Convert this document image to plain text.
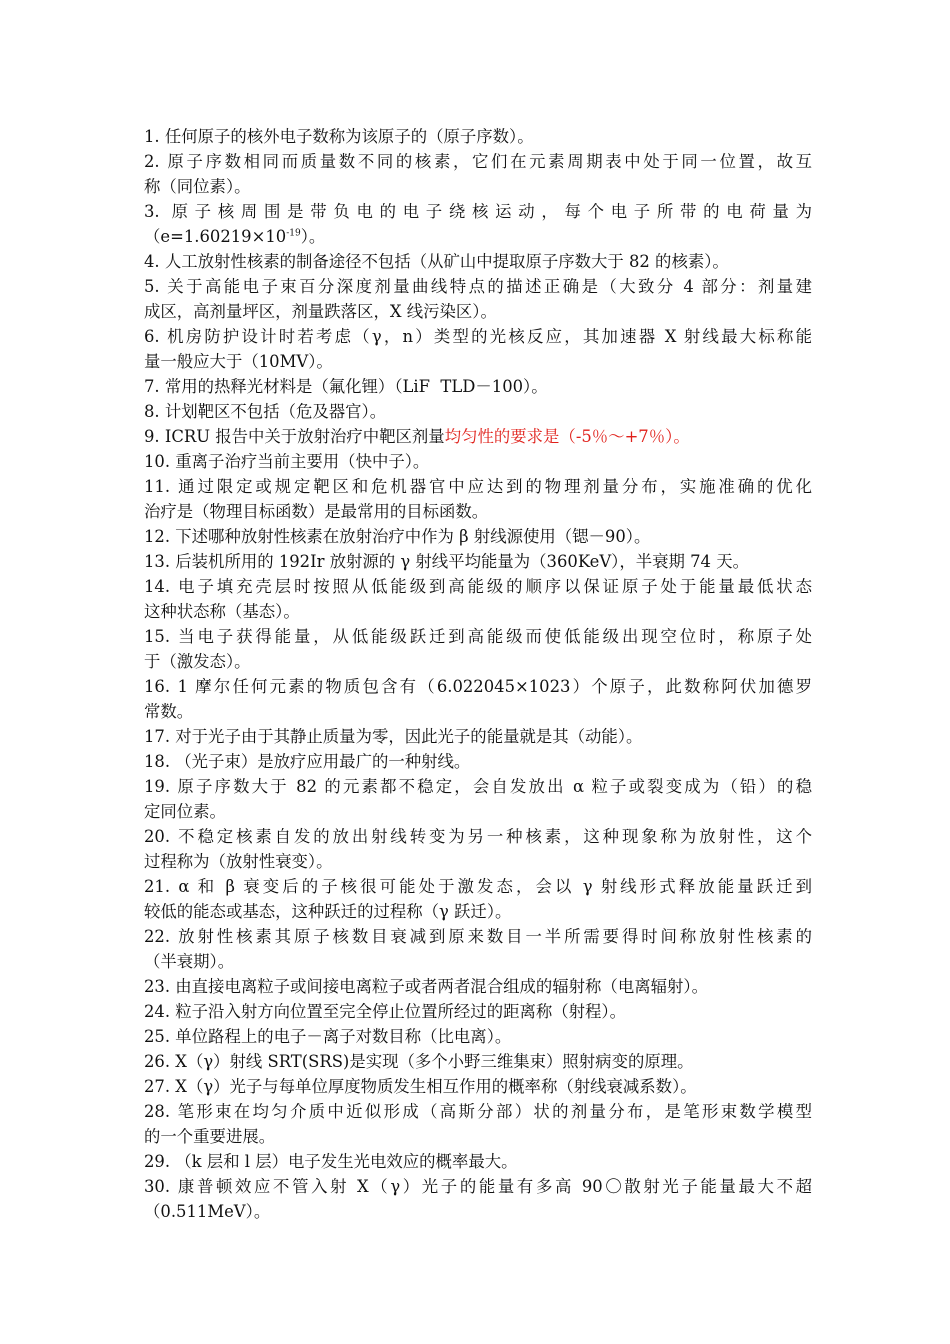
1. 任何原子的核外电子数称为该原子的（原子序数）。
2. 原子序数相同而质量数不同的核素，它们在元素周期表中处于同一位置，故互
称（同位素）。
3. 原子核周围是带负电的电子绕核运动，每个电子所带的电荷量为
$(e=1.60219\times 10^{-19})$。
4. 人工放射性核素的制备途径不包括（从矿山中提取原子序数大于 82 的核素）。
5. 关于高能电子束百分深度剂量曲线特点的描述正确是（大致分 4 部分：剂量建
成区，高剂量坪区，剂量跌落区，X 线污染区）。
6. 机房防护设计时若考虑（γ，n）类型的光核反应，其加速器 X 射线最大标称能
量一般应大于（10MV）。
7. 常用的热释光材料是（氟化锂）（LiF  TLD－100）。
8. 计划靶区不包括（危及器官）。
9. ICRU 报告中关于放射治疗中靶区剂量均匀性的要求是（-5％～+7％）。
10. 重离子治疗当前主要用（快中子）。
11. 通过限定或规定靶区和危机器官中应达到的物理剂量分布，实施准确的优化
治疗是（物理目标函数）是最常用的目标函数。
12. 下述哪种放射性核素在放射治疗中作为 β 射线源使用（锶－90）。
13. 后装机所用的 192Ir 放射源的 γ 射线平均能量为（360KeV），半衰期 74 天。
14. 电子填充壳层时按照从低能级到高能级的顺序以保证原子处于能量最低状态
这种状态称（基态）。
15. 当电子获得能量，从低能级跃迁到高能级而使低能级出现空位时，称原子处
于（激发态）。
16. 1 摩尔任何元素的物质包含有（6.022045×1023）个原子，此数称阿伏加德罗
常数。
17. 对于光子由于其静止质量为零，因此光子的能量就是其（动能）。
18. （光子束）是放疗应用最广的一种射线。
19. 原子序数大于 82 的元素都不稳定，会自发放出 α 粒子或裂变成为（铅）的稳
定同位素。
20. 不稳定核素自发的放出射线转变为另一种核素，这种现象称为放射性，这个
过程称为（放射性衰变）。
21. α 和 β 衰变后的子核很可能处于激发态，会以 γ 射线形式释放能量跃迁到
较低的能态或基态，这种跃迁的过程称（γ 跃迁）。
22. 放射性核素其原子核数目衰减到原来数目一半所需要得时间称放射性核素的
（半衰期）。
23. 由直接电离粒子或间接电离粒子或者两者混合组成的辐射称（电离辐射）。
24. 粒子沿入射方向位置至完全停止位置所经过的距离称（射程）。
25. 单位路程上的电子－离子对数目称（比电离）。
26. X（γ）射线 SRT(SRS)是实现（多个小野三维集束）照射病变的原理。
27. X（γ）光子与每单位厚度物质发生相互作用的概率称（射线衰减系数）。
28. 笔形束在均匀介质中近似形成（高斯分部）状的剂量分布，是笔形束数学模型
的一个重要进展。
29. （k 层和 l 层）电子发生光电效应的概率最大。
30. 康普顿效应不管入射 X（γ）光子的能量有多高 90〇散射光子能量最大不超
（0.511MeV）。
